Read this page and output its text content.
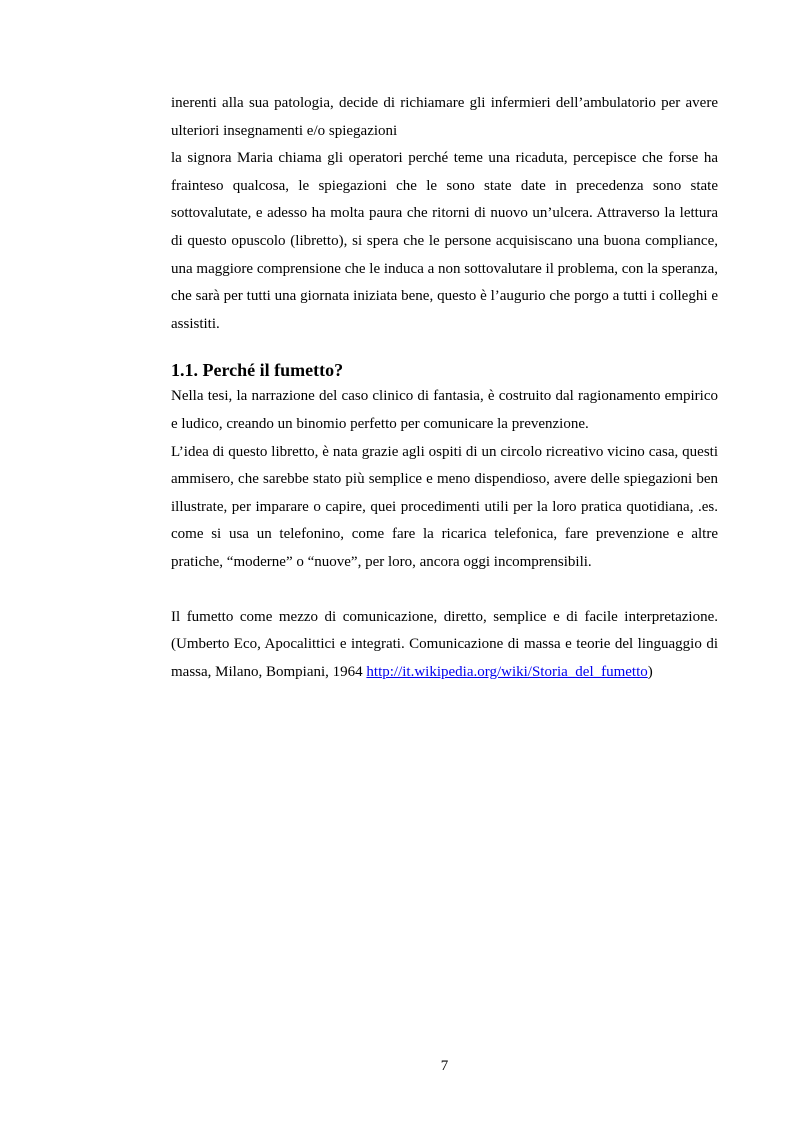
inerenti alla sua patologia, decide di richiamare gli infermieri dell’ambulatorio per avere ulteriori insegnamenti e/o spiegazioni

la signora Maria chiama gli operatori perché teme una ricaduta, percepisce che forse ha frainteso qualcosa, le spiegazioni che le sono state date in precedenza sono state sottovalutate, e adesso ha molta paura che ritorni di nuovo un’ulcera. Attraverso la lettura di questo opuscolo (libretto), si spera che le persone acquisiscano una buona compliance, una maggiore comprensione che le induca a non sottovalutare il problema, con la speranza, che sarà per tutti una giornata iniziata bene, questo è l’augurio che porgo a tutti i colleghi e assistiti.

1.1. Perché il fumetto?

Nella tesi, la narrazione del caso clinico di fantasia, è costruito dal ragionamento empirico e ludico, creando un binomio perfetto per comunicare la prevenzione.

L’idea di questo libretto, è nata grazie agli ospiti di un circolo ricreativo vicino casa, questi ammisero, che sarebbe stato più semplice e meno dispendioso, avere delle spiegazioni ben illustrate, per imparare o capire, quei procedimenti utili per la loro pratica quotidiana, .es. come si usa un telefonino, come fare la ricarica telefonica, fare prevenzione e altre pratiche, “moderne” o “nuove”, per loro, ancora oggi incomprensibili.

Il fumetto come mezzo di comunicazione, diretto, semplice e di facile interpretazione.(Umberto Eco, Apocalittici e integrati. Comunicazione di massa e teorie del linguaggio di massa, Milano, Bompiani, 1964 http://it.wikipedia.org/wiki/Storia_del_fumetto)

7
